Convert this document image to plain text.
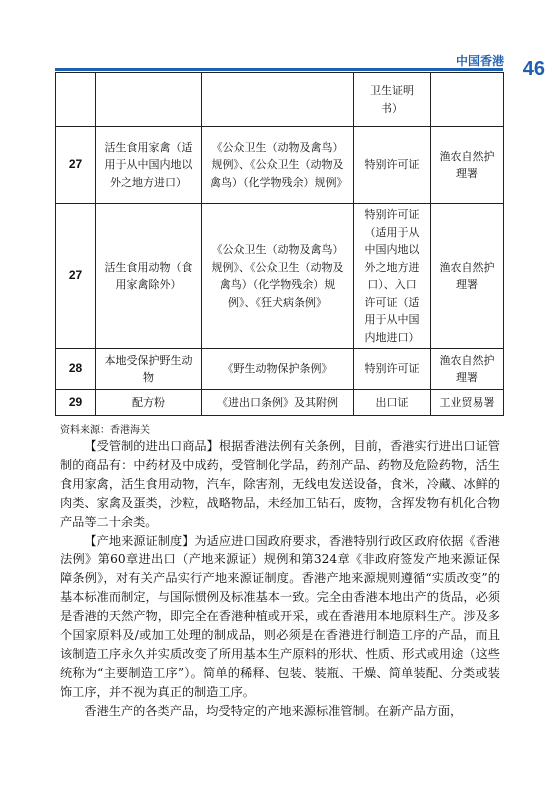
中国香港 46
			卫生证明书）	
27	活生食用家禽（适用于从中国内地以外之地方进口）	《公众卫生（动物及禽鸟）规例》、《公众卫生（动物及禽鸟）（化学物残余）规例》	特别许可证	渔农自然护理署
27	活生食用动物（食用家禽除外）	《公众卫生（动物及禽鸟）规例》、《公众卫生（动物及禽鸟）（化学物残余）规例》、《狂犬病条例》	特别许可证（适用于从中国内地以外之地方进口）、入口许可证（适用于从中国内地进口）	渔农自然护理署
28	本地受保护野生动物	《野生动物保护条例》	特别许可证	渔农自然护理署
29	配方粉	《进出口条例》及其附例	出口证	工业贸易署
资料来源：香港海关

【受管制的进出口商品】根据香港法例有关条例，目前，香港实行进出口证管制的商品有：中药材及中成药，受管制化学品，药剂产品、药物及危险药物，活生食用家禽，活生食用动物，汽车，除害剂，无线电发送设备，食米，冷藏、冰鲜的肉类、家禽及蛋类，沙粒，战略物品，未经加工钻石，废物，含挥发物有机化合物产品等二十余类。

【产地来源证制度】为适应进口国政府要求，香港特别行政区政府依据《香港法例》第60章进出口（产地来源证）规例和第324章《非政府签发产地来源证保障条例》，对有关产品实行产地来源证制度。香港产地来源规则遵循“实质改变”的基本标准而制定，与国际惯例及标准基本一致。完全由香港本地出产的货品，必须是香港的天然产物，即完全在香港种植或开采，或在香港用本地原料生产。涉及多个国家原料及/或加工处理的制成品，则必须是在香港进行制造工序的产品，而且该制造工序永久并实质改变了所用基本生产原料的形状、性质、形式或用途（这些统称为“主要制造工序”）。简单的稀释、包装、装瓶、干燥、简单装配、分类或装饰工序，并不视为真正的制造工序。

香港生产的各类产品，均受特定的产地来源标准管制。在新产品方面，
